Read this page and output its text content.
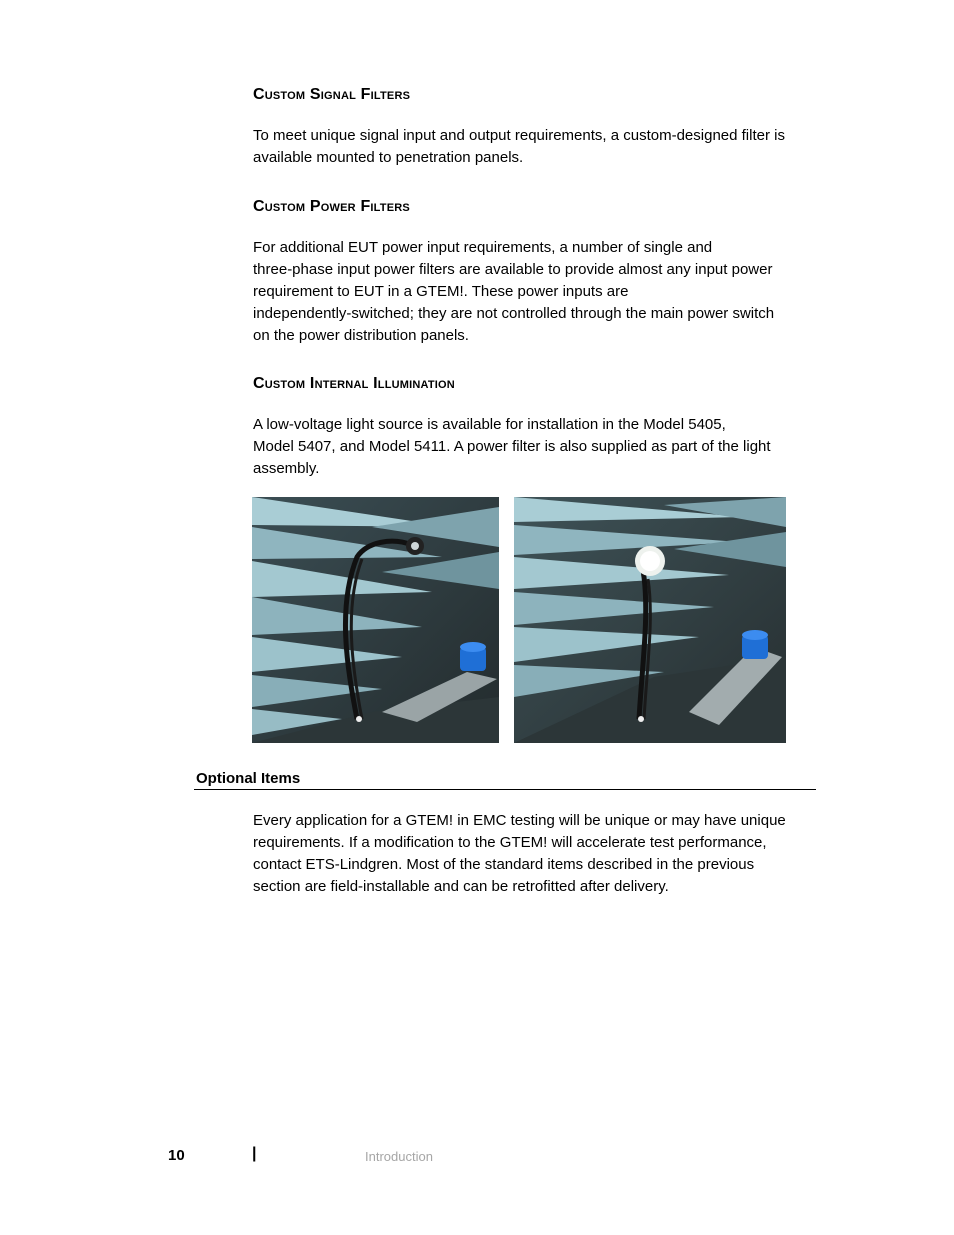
Custom Signal Filters

To meet unique signal input and output requirements, a custom-designed filter is
available mounted to penetration panels.

Custom Power Filters

For additional EUT power input requirements, a number of single and
three-phase input power filters are available to provide almost any input power
requirement to EUT in a GTEM!. These power inputs are
independently-switched; they are not controlled through the main power switch
on the power distribution panels.

Custom Internal Illumination

A low-voltage light source is available for installation in the Model 5405,
Model 5407, and Model 5411. A power filter is also supplied as part of the light
assembly.

Optional Items

Every application for a GTEM! in EMC testing will be unique or may have unique
requirements. If a modification to the GTEM! will accelerate test performance,
contact ETS-Lindgren. Most of the standard items described in the previous
section are field-installable and can be retrofitted after delivery.

10	|	Introduction
